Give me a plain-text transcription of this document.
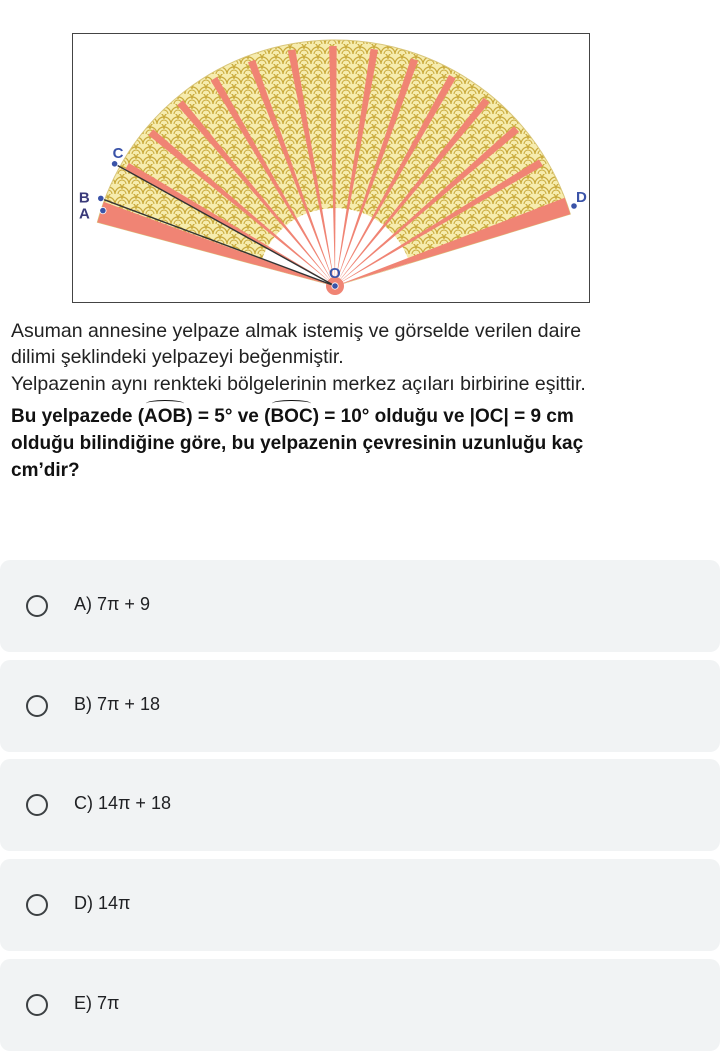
A
B
C
D
O
Asuman annesine yelpaze almak istemiş ve görselde verilen daire
dilimi şeklindeki yelpazeyi beğenmiştir.
Yelpazenin aynı renkteki bölgelerinin merkez açıları birbirine eşittir.
Bu yelpazede (AOB) = 5° ve (BOC) = 10° olduğu ve |OC| = 9 cm
olduğu bilindiğine göre, bu yelpazenin çevresinin uzunluğu kaç
cm’dir?
A) 7π + 9
B) 7π + 18
C) 14π + 18
D) 14π
E) 7π
